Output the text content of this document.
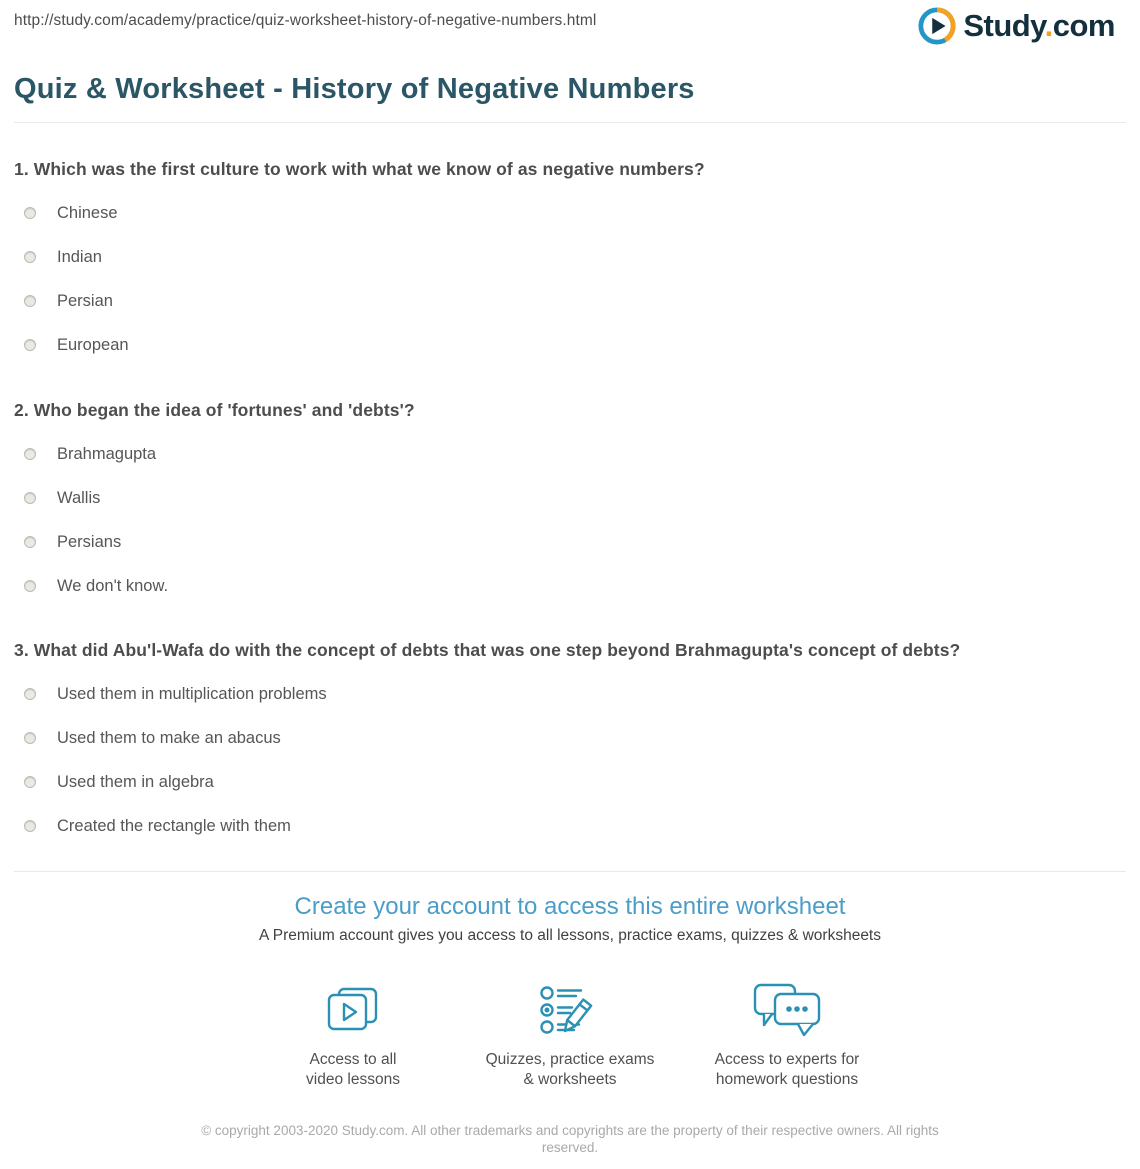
http://study.com/academy/practice/quiz-worksheet-history-of-negative-numbers.html	Study.com
Quiz & Worksheet - History of Negative Numbers
1. Which was the first culture to work with what we know of as negative numbers?
Chinese
Indian
Persian
European
2. Who began the idea of 'fortunes' and 'debts'?
Brahmagupta
Wallis
Persians
We don't know.
3. What did Abu'l-Wafa do with the concept of debts that was one step beyond Brahmagupta's concept of debts?
Used them in multiplication problems
Used them to make an abacus
Used them in algebra
Created the rectangle with them
Create your account to access this entire worksheet

A Premium account gives you access to all lessons, practice exams, quizzes & worksheets

Access to all
video lessons
Quizzes, practice exams
& worksheets
Access to experts for
homework questions

© copyright 2003-2020 Study.com. All other trademarks and copyrights are the property of their respective owners. All rights reserved.
